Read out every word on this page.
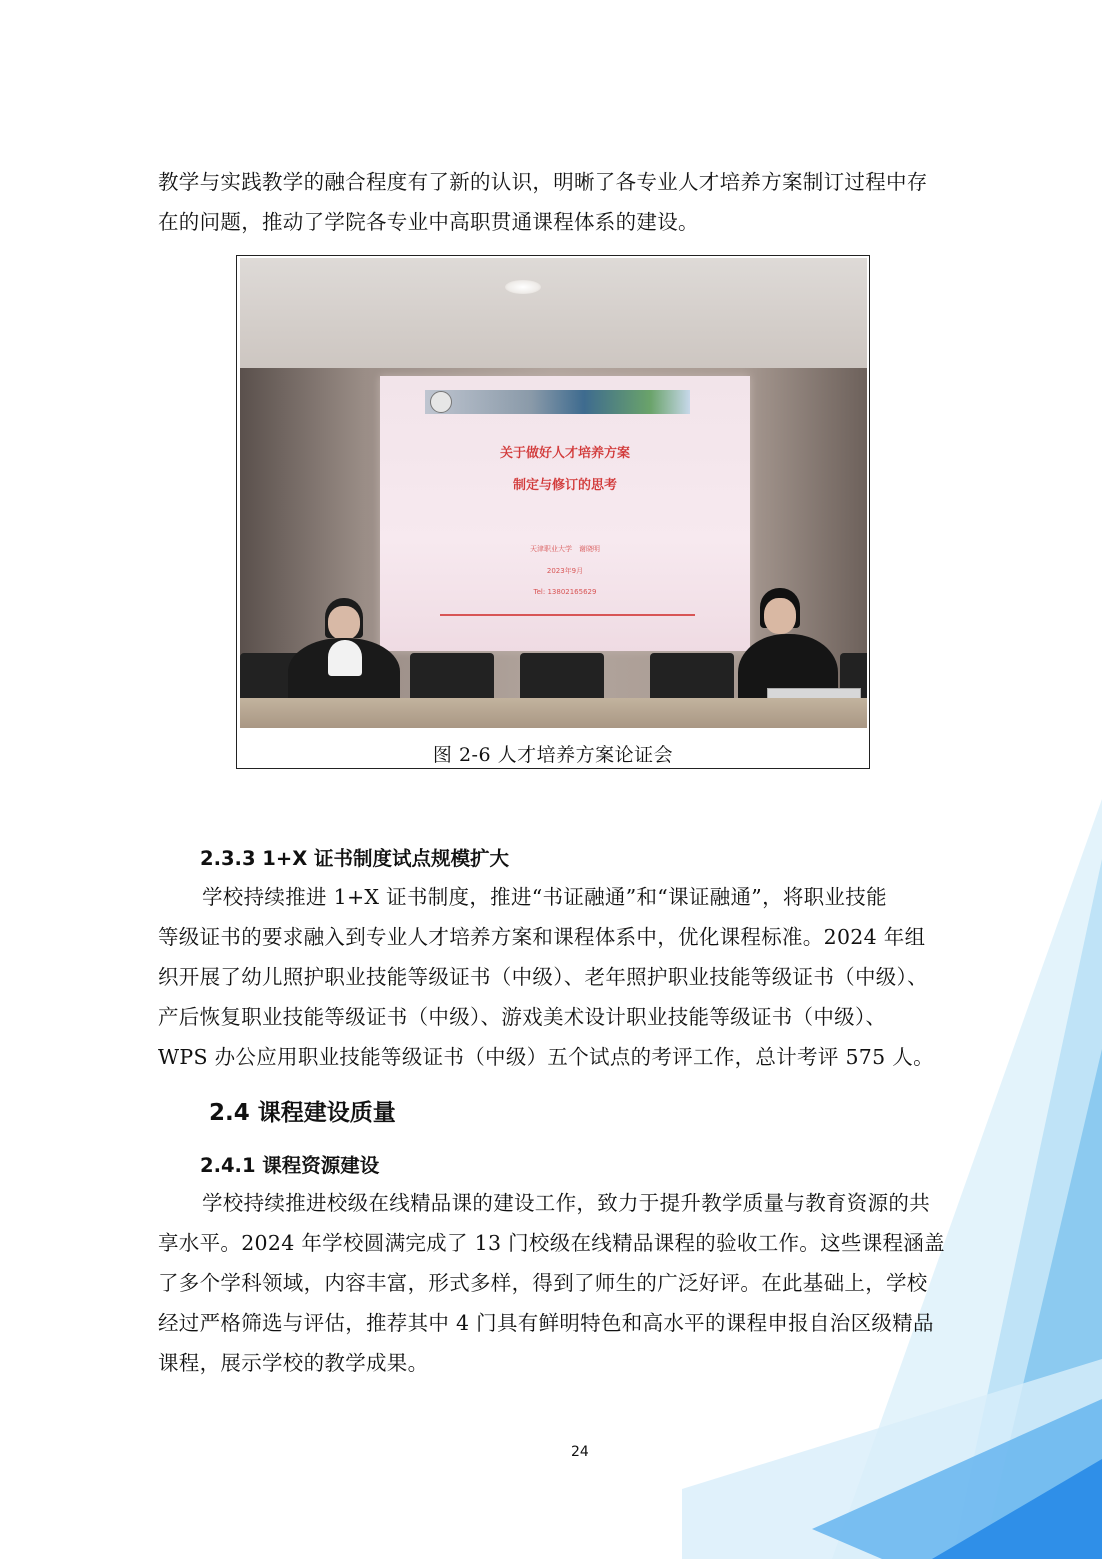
教学与实践教学的融合程度有了新的认识，明晰了各专业人才培养方案制订过程中存
在的问题，推动了学院各专业中高职贯通课程体系的建设。

关于做好人才培养方案
制定与修订的思考
天津职业大学　谢晓明
2023年9月
Tel: 13802165629
图 2-6 人才培养方案论证会
2.3.3 1+X 证书制度试点规模扩大

学校持续推进 1+X 证书制度，推进“书证融通”和“课证融通”，将职业技能
等级证书的要求融入到专业人才培养方案和课程体系中，优化课程标准。2024 年组
织开展了幼儿照护职业技能等级证书（中级）、老年照护职业技能等级证书（中级）、
产后恢复职业技能等级证书（中级）、游戏美术设计职业技能等级证书（中级）、
WPS 办公应用职业技能等级证书（中级）五个试点的考评工作，总计考评 575 人。

2.4 课程建设质量
2.4.1 课程资源建设

学校持续推进校级在线精品课的建设工作，致力于提升教学质量与教育资源的共
享水平。2024 年学校圆满完成了 13 门校级在线精品课程的验收工作。这些课程涵盖
了多个学科领域，内容丰富，形式多样，得到了师生的广泛好评。在此基础上，学校
经过严格筛选与评估，推荐其中 4 门具有鲜明特色和高水平的课程申报自治区级精品
课程，展示学校的教学成果。

24
